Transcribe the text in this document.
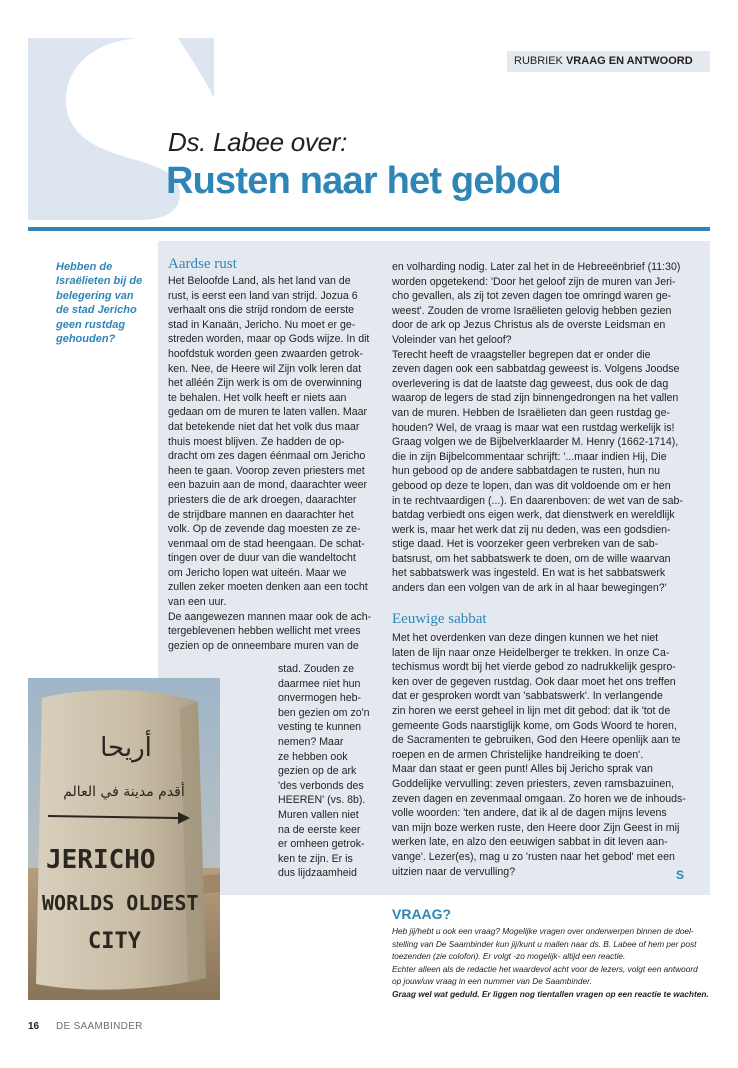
RUBRIEK VRAAG EN ANTWOORD
Ds. Labee over:
Rusten naar het gebod
أريحا
أقدم مدينة في العالم
JERICHO
WORLDS OLDEST
CITY
Hebben de
Israëlieten bij de
belegering van
de stad Jericho
geen rustdag
gehouden?
Aardse rust
Het Beloofde Land, als het land van de
rust, is eerst een land van strijd. Jozua 6
verhaalt ons die strijd rondom de eerste
stad in Kanaän, Jericho. Nu moet er ge-
streden worden, maar op Gods wijze. In dit
hoofdstuk worden geen zwaarden getrok-
ken. Nee, de Heere wil Zijn volk leren dat
het alléén Zijn werk is om de overwinning
te behalen. Het volk heeft er niets aan
gedaan om de muren te laten vallen. Maar
dat betekende niet dat het volk dus maar
thuis moest blijven. Ze hadden de op-
dracht om zes dagen éénmaal om Jericho
heen te gaan. Voorop zeven priesters met
een bazuin aan de mond, daarachter weer
priesters die de ark droegen, daarachter
de strijdbare mannen en daarachter het
volk. Op de zevende dag moesten ze ze-
venmaal om de stad heengaan. De schat-
tingen over de duur van die wandeltocht
om Jericho lopen wat uiteén. Maar we
zullen zeker moeten denken aan een tocht
van een uur.
De aangewezen mannen maar ook de ach-
tergeblevenen hebben wellicht met vrees
gezien op de onneembare muren van de
stad. Zouden ze
daarmee niet hun
onvermogen heb-
ben gezien om zo'n
vesting te kunnen
nemen? Maar
ze hebben ook
gezien op de ark
'des verbonds des
HEEREN' (vs. 8b).
Muren vallen niet
na de eerste keer
er omheen getrok-
ken te zijn. Er is
dus lijdzaamheid
en volharding nodig. Later zal het in de Hebreeënbrief (11:30)
worden opgetekend: 'Door het geloof zijn de muren van Jeri-
cho gevallen, als zij tot zeven dagen toe omringd waren ge-
weest'. Zouden de vrome Israëlieten gelovig hebben gezien
door de ark op Jezus Christus als de overste Leidsman en
Voleinder van het geloof?
Terecht heeft de vraagsteller begrepen dat er onder die
zeven dagen ook een sabbatdag geweest is. Volgens Joodse
overlevering is dat de laatste dag geweest, dus ook de dag
waarop de legers de stad zijn binnengedrongen na het vallen
van de muren. Hebben de Israëlieten dan geen rustdag ge-
houden? Wel, de vraag is maar wat een rustdag werkelijk is!
Graag volgen we de Bijbelverklaarder M. Henry (1662-1714),
die in zijn Bijbelcommentaar schrijft: '...maar indien Hij, Die
hun gebood op de andere sabbatdagen te rusten, hun nu
gebood op deze te lopen, dan was dit voldoende om er hen
in te rechtvaardigen (...). En daarenboven: de wet van de sab-
batdag verbiedt ons eigen werk, dat dienstwerk en wereldlijk
werk is, maar het werk dat zij nu deden, was een godsdien-
stige daad. Het is voorzeker geen verbreken van de sab-
batsrust, om het sabbatswerk te doen, om de wille waarvan
het sabbatswerk was ingesteld. En wat is het sabbatswerk
anders dan een volgen van de ark in al haar bewegingen?'
Eeuwige sabbat
Met het overdenken van deze dingen kunnen we het niet
laten de lijn naar onze Heidelberger te trekken. In onze Ca-
techismus wordt bij het vierde gebod zo nadrukkelijk gespro-
ken over de gegeven rustdag. Ook daar moet het ons treffen
dat er gesproken wordt van 'sabbatswerk'. In verlangende
zin horen we eerst geheel in lijn met dit gebod: dat ik 'tot de
gemeente Gods naarstiglijk kome, om Gods Woord te horen,
de Sacramenten te gebruiken, God den Heere openlijk aan te
roepen en de armen Christelijke handreiking te doen'.
Maar dan staat er geen punt! Alles bij Jericho sprak van
Goddelijke vervulling: zeven priesters, zeven ramsbazuinen,
zeven dagen en zevenmaal omgaan. Zo horen we de inhouds-
volle woorden: 'ten andere, dat ik al de dagen mijns levens
van mijn boze werken ruste, den Heere door Zijn Geest in mij
werken late, en alzo den eeuwigen sabbat in dit leven aan-
vange'. Lezer(es), mag u zo 'rusten naar het gebod' met een
uitzien naar de vervulling?	S
VRAAG?
Heb jij/hebt u ook een vraag? Mogelijke vragen over onderwerpen binnen de doel-
stelling van De Saambinder kun jij/kunt u mailen naar ds. B. Labee of hem per post
toezenden (zie colofon). Er volgt -zo mogelijk- altijd een reactie.
Echter alleen als de redactie het waardevol acht voor de lezers, volgt een antwoord
op jouw/uw vraag in een nummer van De Saambinder.
Graag wel wat geduld. Er liggen nog tientallen vragen op een reactie te wachten.
16 DE SAAMBINDER
